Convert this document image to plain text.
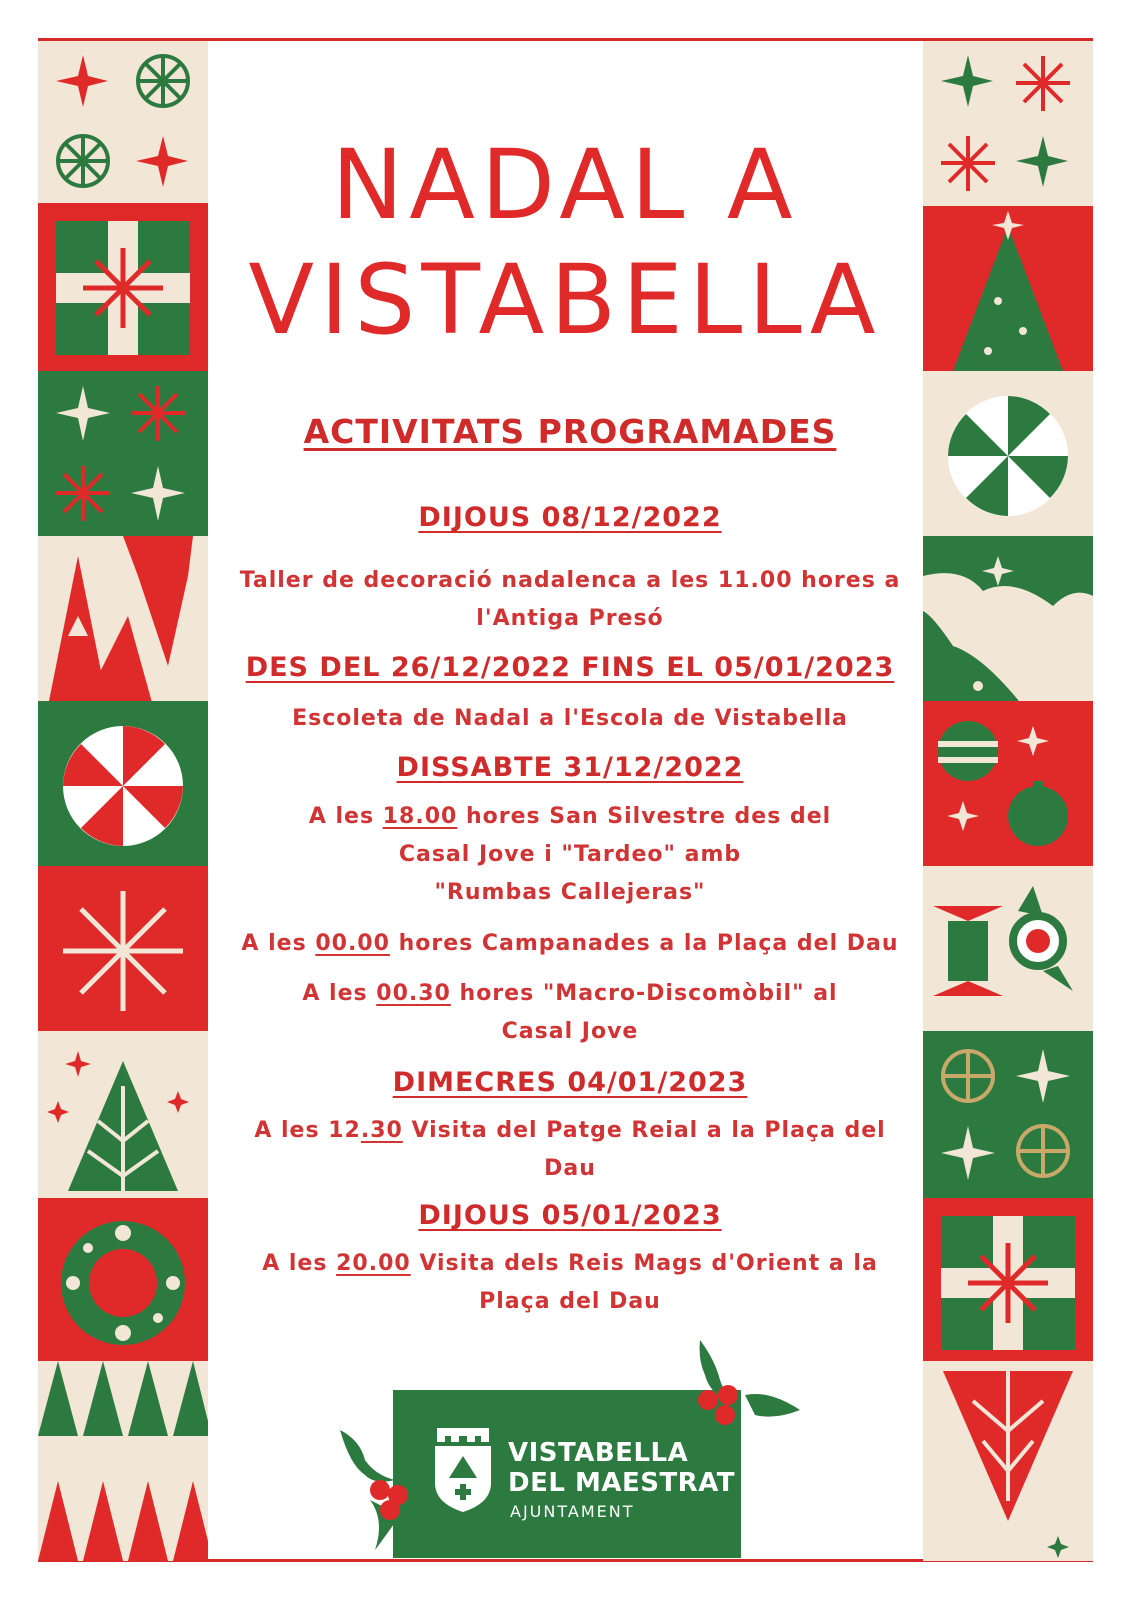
NADAL A
VISTABELLA
ACTIVITATS PROGRAMADES
DIJOUS 08/12/2022
Taller de decoració nadalenca a les 11.00 hores a
l'Antiga Presó
DES DEL 26/12/2022 FINS EL 05/01/2023
Escoleta de Nadal a l'Escola de Vistabella
DISSABTE 31/12/2022
A les 18.00 hores San Silvestre des del
Casal Jove i "Tardeo" amb
"Rumbas Callejeras"
A les 00.00 hores Campanades a la Plaça del Dau
A les 00.30 hores "Macro-Discomòbil" al
Casal Jove
DIMECRES 04/01/2023
A les 12.30 Visita del Patge Reial a la Plaça del
Dau
DIJOUS 05/01/2023
A les 20.00 Visita dels Reis Mags d'Orient a la
Plaça del Dau
VISTABELLA
DEL MAESTRAT
AJUNTAMENT
